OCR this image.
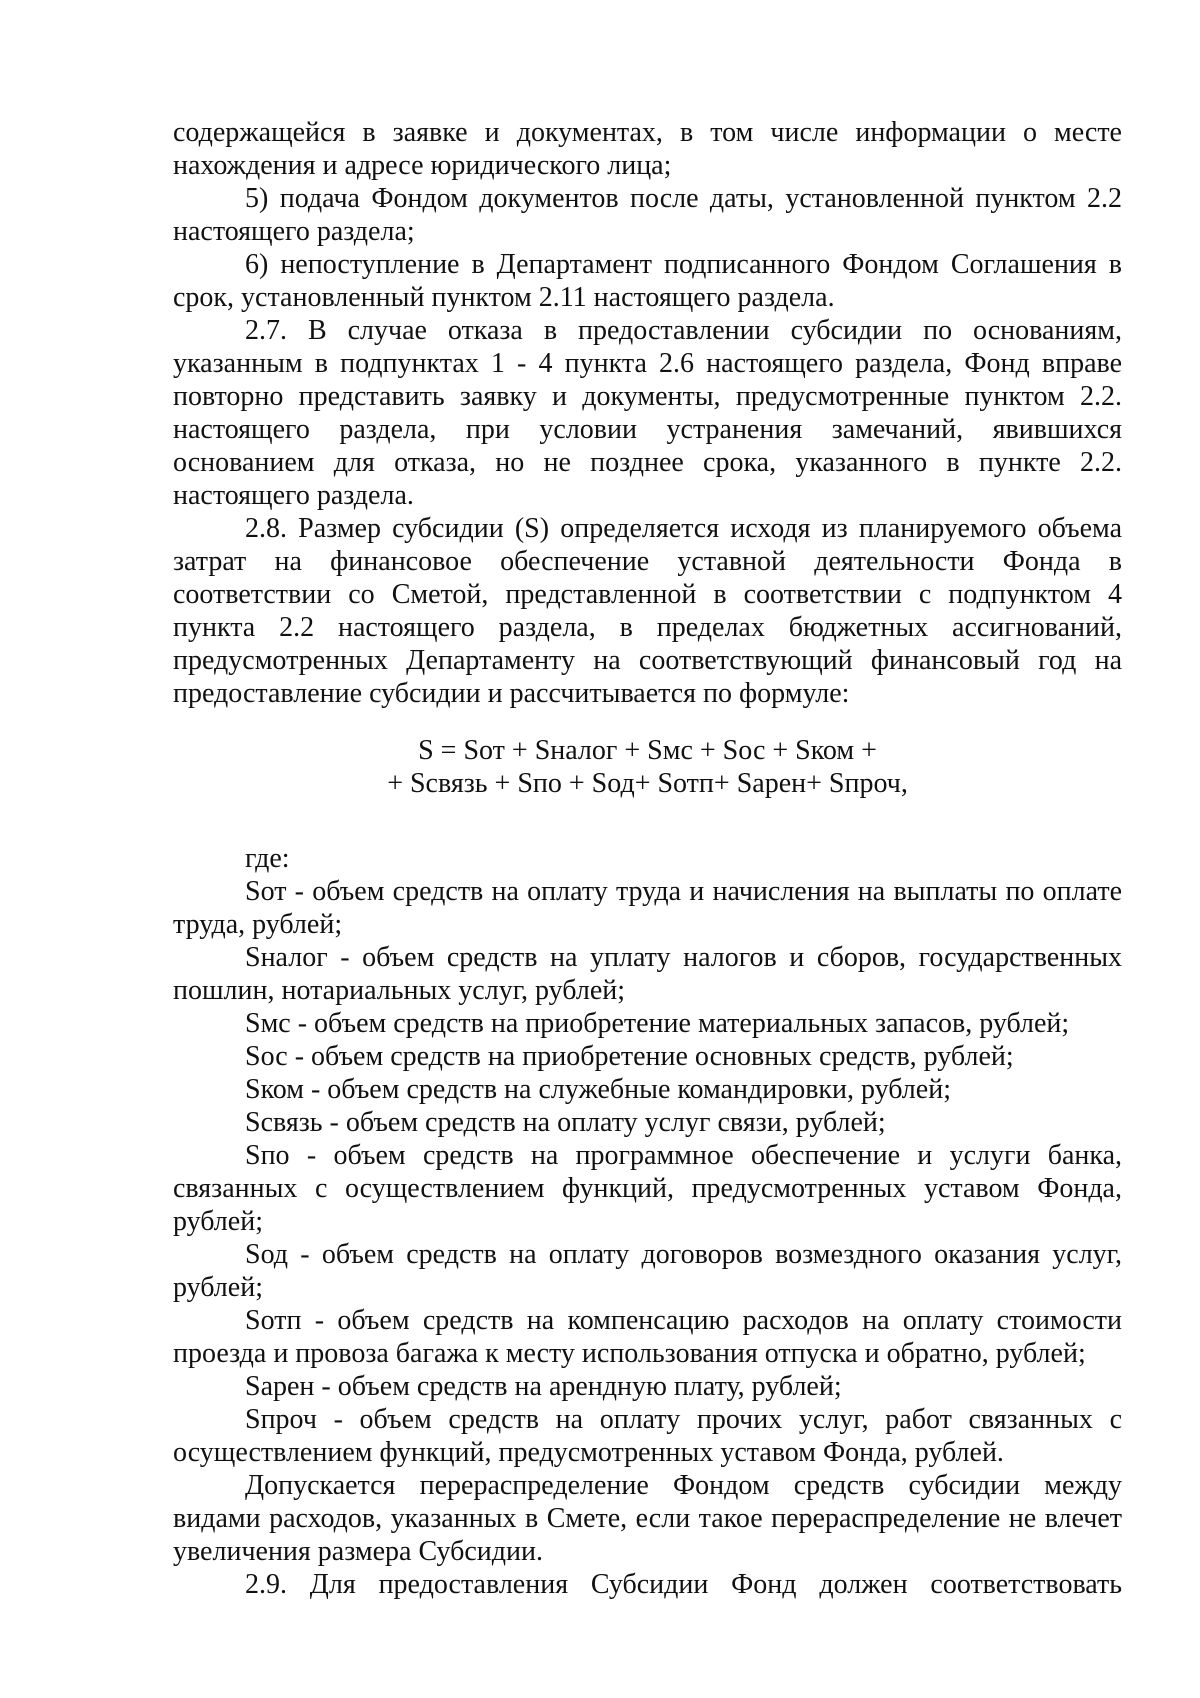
содержащейся в заявке и документах, в том числе информации о месте нахождения и адресе юридического лица;

5) подача Фондом документов после даты, установленной пунктом 2.2 настоящего раздела;

6) непоступление в Департамент подписанного Фондом Соглашения в срок, установленный пунктом 2.11 настоящего раздела.

2.7. В случае отказа в предоставлении субсидии по основаниям, указанным в подпунктах 1 - 4 пункта 2.6 настоящего раздела, Фонд вправе повторно представить заявку и документы, предусмотренные пунктом 2.2. настоящего раздела, при условии устранения замечаний, явившихся основанием для отказа, но не позднее срока, указанного в пункте 2.2. настоящего раздела.

2.8. Размер субсидии (S) определяется исходя из планируемого объема затрат на финансовое обеспечение уставной деятельности Фонда в соответствии со Сметой, представленной в соответствии с подпунктом 4 пункта 2.2 настоящего раздела, в пределах бюджетных ассигнований, предусмотренных Департаменту на соответствующий финансовый год на предоставление субсидии и рассчитывается по формуле:

S = Sот + Sналог + Sмс + Sос + Sком +

+ Sсвязь + Sпо + Sод+ Sотп+ Sарен+ Sпроч,

где:

Sот - объем средств на оплату труда и начисления на выплаты по оплате труда, рублей;

Sналог - объем средств на уплату налогов и сборов, государственных пошлин, нотариальных услуг, рублей;

Sмс - объем средств на приобретение материальных запасов, рублей;

Sос - объем средств на приобретение основных средств, рублей;

Sком - объем средств на служебные командировки, рублей;

Sсвязь - объем средств на оплату услуг связи, рублей;

Sпо - объем средств на программное обеспечение и услуги банка, связанных с осуществлением функций, предусмотренных уставом Фонда, рублей;

Sод - объем средств на оплату договоров возмездного оказания услуг, рублей;

Sотп - объем средств на компенсацию расходов на оплату стоимости проезда и провоза багажа к месту использования отпуска и обратно, рублей;

Sарен - объем средств на арендную плату, рублей;

Sпроч - объем средств на оплату прочих услуг, работ связанных с осуществлением функций, предусмотренных уставом Фонда, рублей.

Допускается перераспределение Фондом средств субсидии между видами расходов, указанных в Смете, если такое перераспределение не влечет увеличения размера Субсидии.

2.9. Для предоставления Субсидии Фонд должен соответствовать
